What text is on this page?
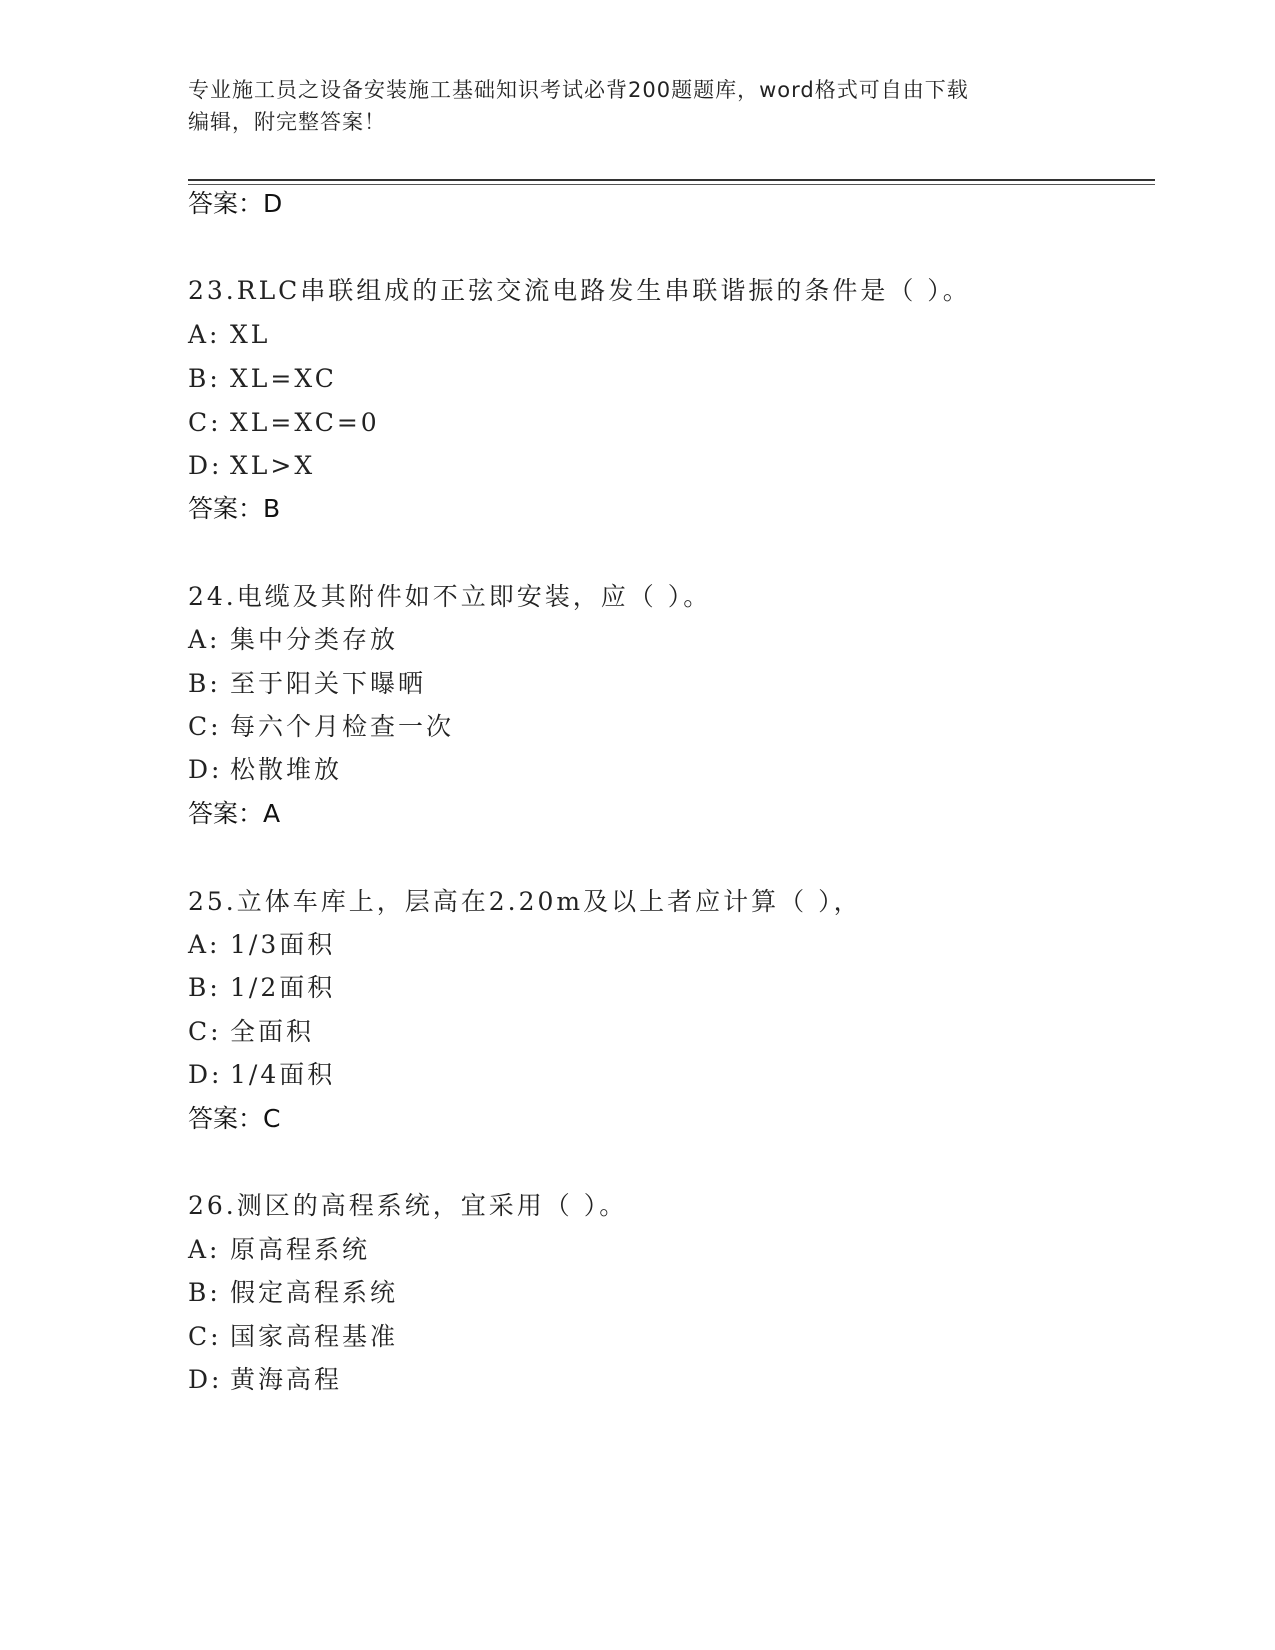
专业施工员之设备安装施工基础知识考试必背200题题库，word格式可自由下载
编辑，附完整答案！
答案：D
23.RLC串联组成的正弦交流电路发生串联谐振的条件是（ ）。
A: XL
B: XL=XC
C: XL=XC=0
D: XL>X
答案：B
24.电缆及其附件如不立即安装，应（ ）。
A: 集中分类存放
B: 至于阳关下曝晒
C: 每六个月检查一次
D: 松散堆放
答案：A
25.立体车库上，层高在2.20m及以上者应计算（ ），
A: 1/3面积
B: 1/2面积
C: 全面积
D: 1/4面积
答案：C
26.测区的高程系统，宜采用（ ）。
A: 原高程系统
B: 假定高程系统
C: 国家高程基准
D: 黄海高程
